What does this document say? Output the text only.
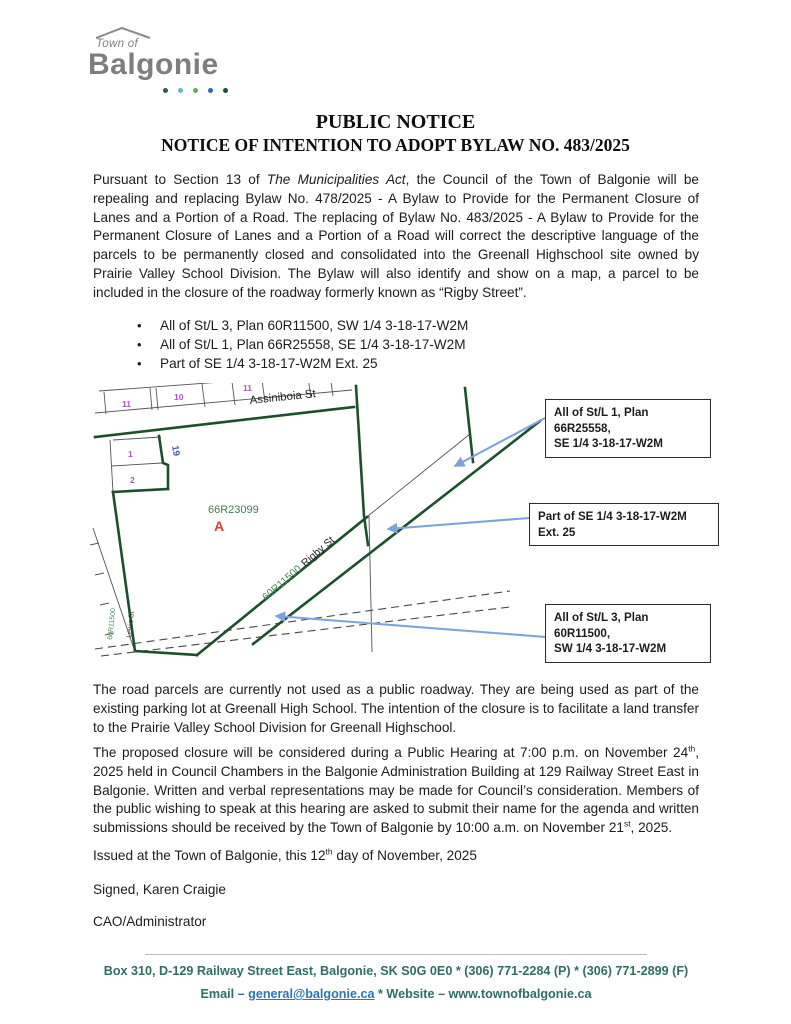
Town of
Balgonie
PUBLIC NOTICE
NOTICE OF INTENTION TO ADOPT BYLAW NO. 483/2025
Pursuant to Section 13 of The Municipalities Act, the Council of the Town of Balgonie will be repealing and replacing Bylaw No. 478/2025 - A Bylaw to Provide for the Permanent Closure of Lanes and a Portion of a Road. The replacing of Bylaw No. 483/2025 - A Bylaw to Provide for the Permanent Closure of Lanes and a Portion of a Road will correct the descriptive language of the parcels to be permanently closed and consolidated into the Greenall Highschool site owned by Prairie Valley School Division. The Bylaw will also identify and show on a map, a parcel to be included in the closure of the roadway formerly known as “Rigby Street”.
•	All of St/L 3, Plan 60R11500, SW 1/4 3-18-17-W2M
•	All of St/L 1, Plan 66R25558, SE 1/4 3-18-17-W2M
•	Part of SE 1/4 3-18-17-W2M Ext. 25
Assiniboia St
66R23099
A
60R11500Rigby St
60R11500 Lewis St
11
10
11
1
2
19
All of St/L 1, Plan 66R25558,
SE 1/4 3-18-17-W2M
Part of SE 1/4 3-18-17-W2M Ext. 25
All of St/L 3, Plan 60R11500,
SW 1/4 3-18-17-W2M
The road parcels are currently not used as a public roadway. They are being used as part of the existing parking lot at Greenall High School. The intention of the closure is to facilitate a land transfer to the Prairie Valley School Division for Greenall Highschool.
The proposed closure will be considered during a Public Hearing at 7:00 p.m. on November 24th, 2025 held in Council Chambers in the Balgonie Administration Building at 129 Railway Street East in Balgonie. Written and verbal representations may be made for Council’s consideration. Members of the public wishing to speak at this hearing are asked to submit their name for the agenda and written submissions should be received by the Town of Balgonie by 10:00 a.m. on November 21st, 2025.
Issued at the Town of Balgonie, this 12th day of November, 2025
Signed, Karen Craigie
CAO/Administrator
Box 310, D-129 Railway Street East, Balgonie, SK S0G 0E0 * (306) 771-2284 (P) * (306) 771-2899 (F)
Email – general@balgonie.ca * Website – www.townofbalgonie.ca
